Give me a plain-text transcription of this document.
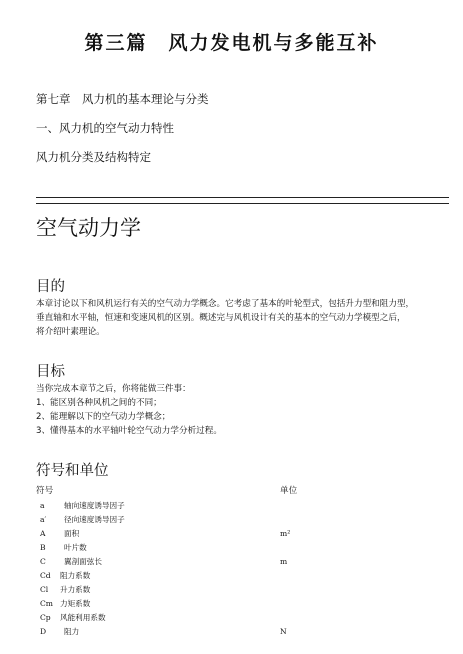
第三篇　风力发电机与多能互补

第七章　风力机的基本理论与分类

一、风力机的空气动力特性

风力机分类及结构特定

空气动力学
目的

本章讨论以下和风机运行有关的空气动力学概念。它考虑了基本的叶轮型式，包括升力型和阻力型，

垂直轴和水平轴，恒速和变速风机的区别。概述完与风机设计有关的基本的空气动力学模型之后，

将介绍叶素理论。

目标

当你完成本章节之后，你将能做三件事：

1、能区别各种风机之间的不同；

2、能理解以下的空气动力学概念；

3、懂得基本的水平轴叶轮空气动力学分析过程。

符号和单位

符号	单位

a	轴向速度诱导因子
a′ 径向速度诱导因子
A 面积	m²
B 叶片数
C 翼剖面弦长	m
Cd 阻力系数
Cl 升力系数
Cm 力矩系数
Cp 风能利用系数
D 阻力	N
